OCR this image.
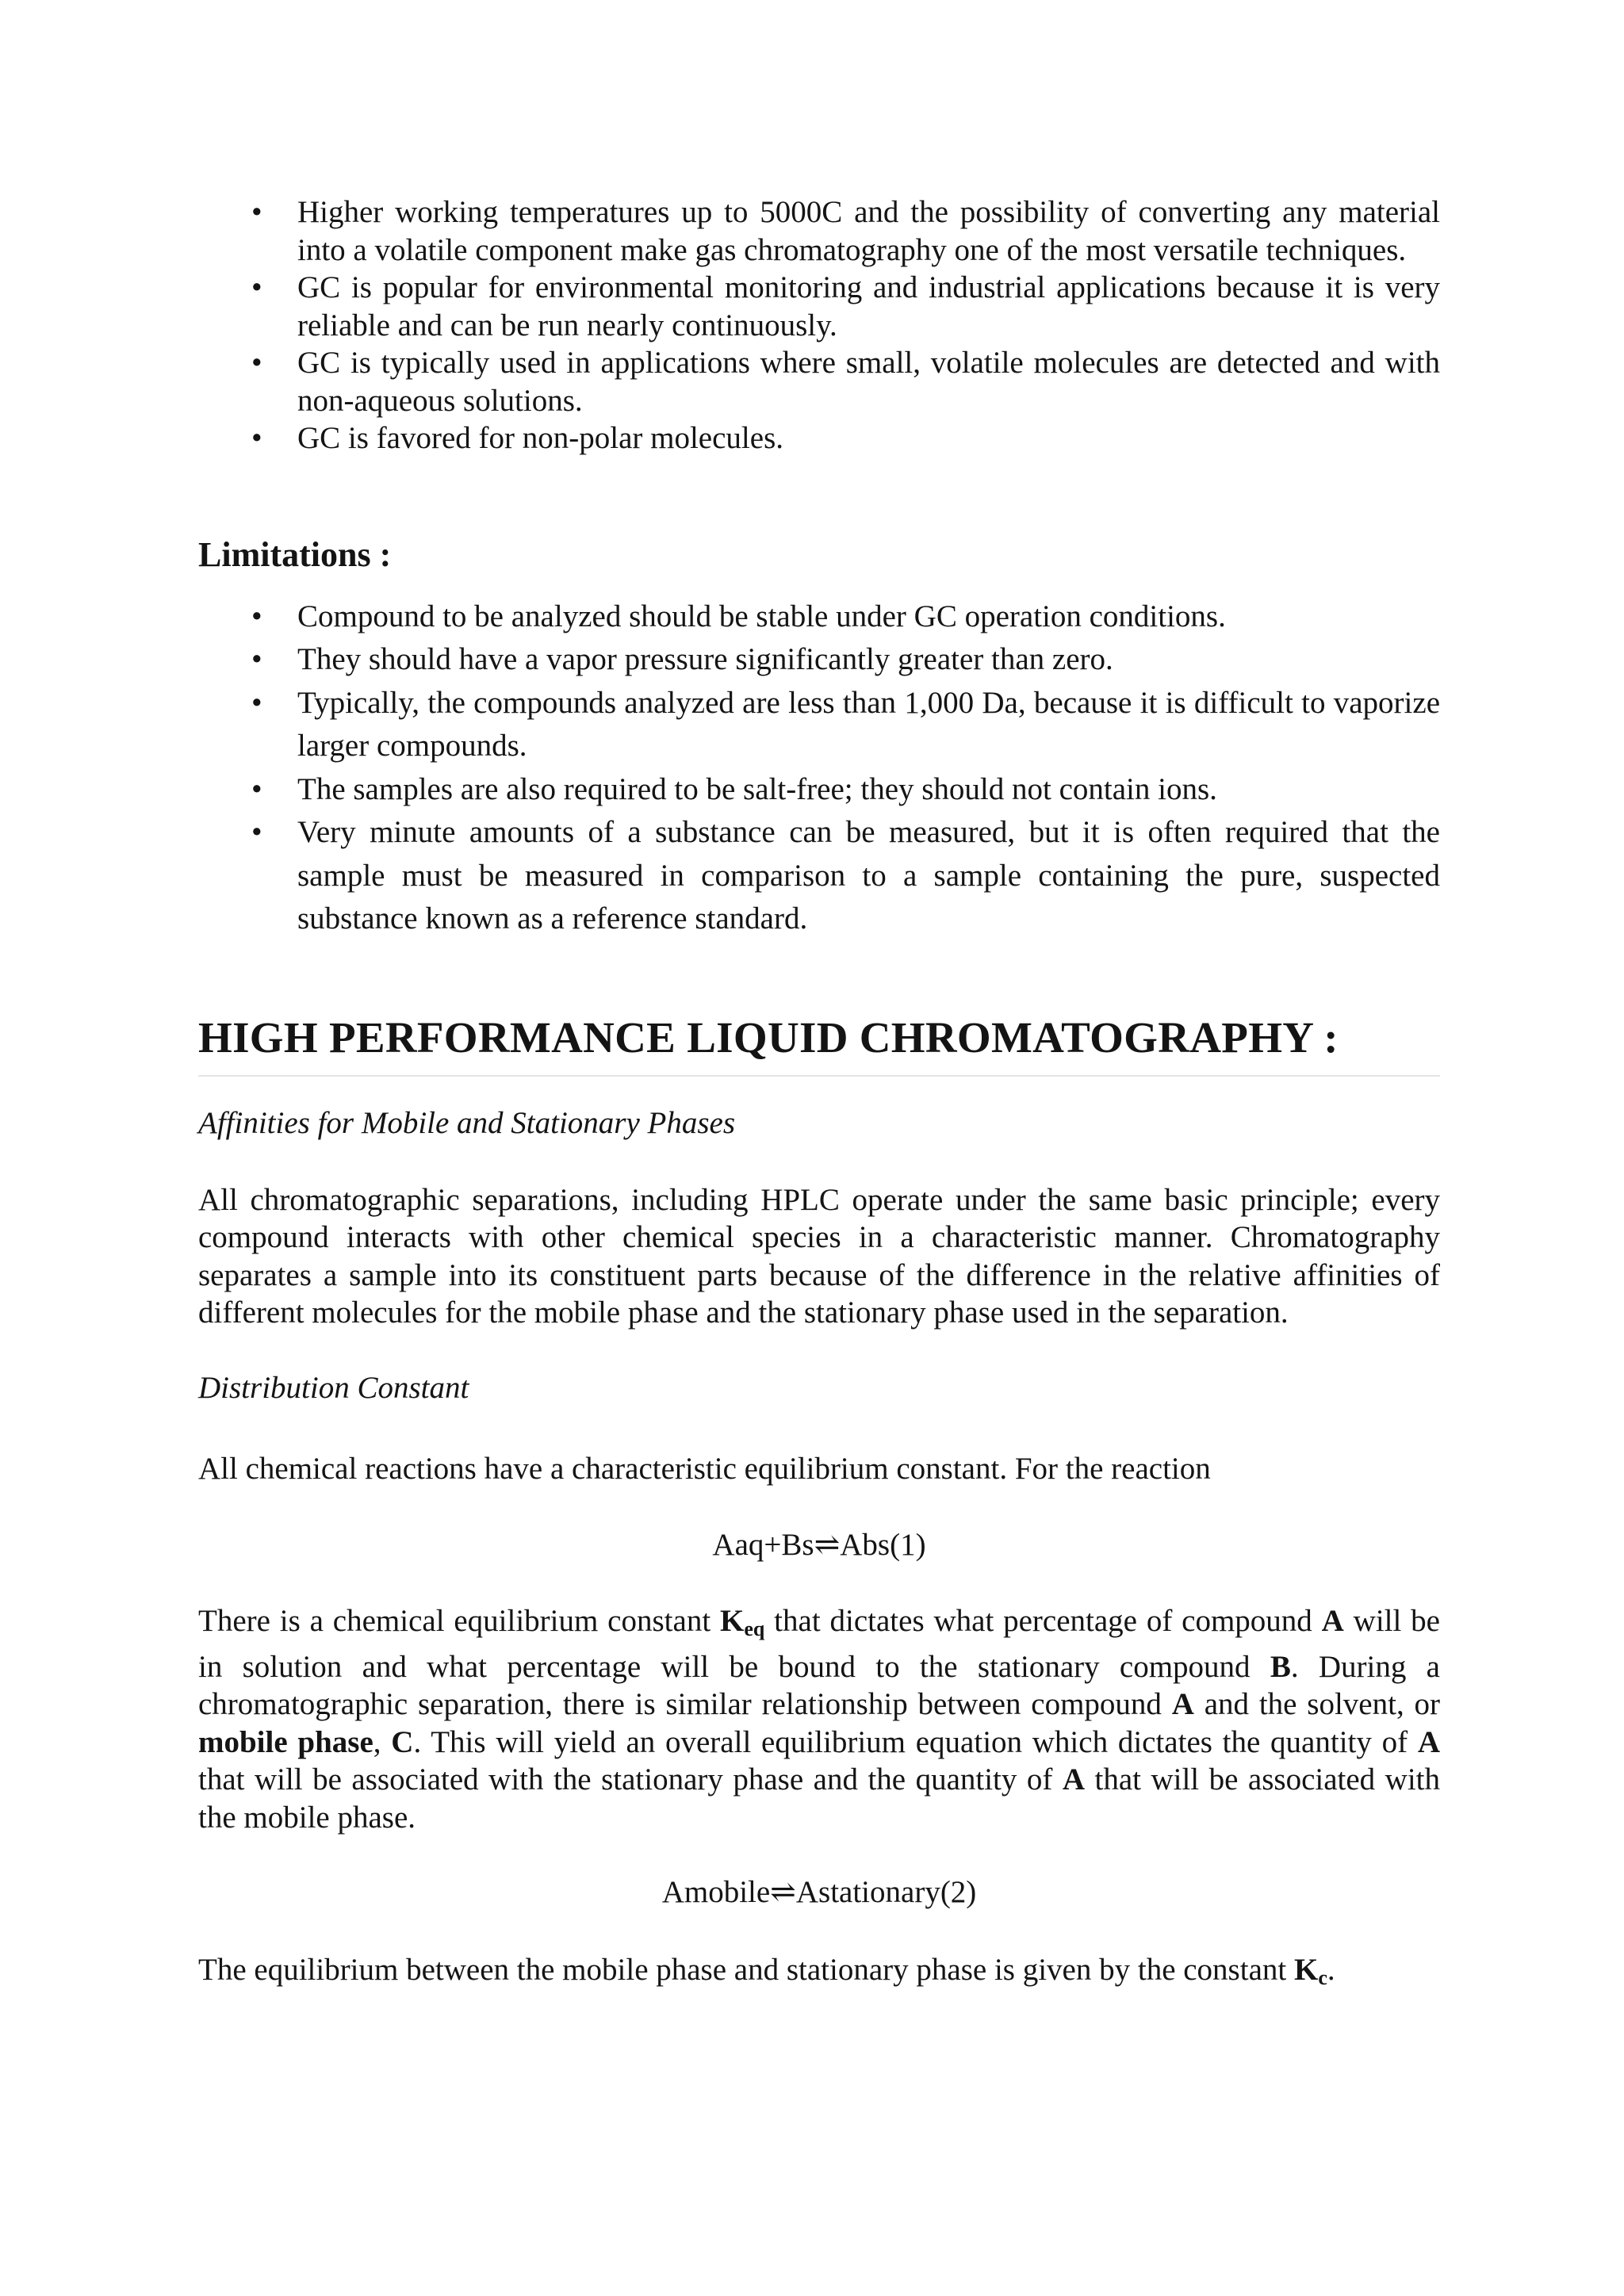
• Higher working temperatures up to 5000C and the possibility of converting any material into a volatile component make gas chromatography one of the most versatile techniques.
• GC is popular for environmental monitoring and industrial applications because it is very reliable and can be run nearly continuously.
• GC is typically used in applications where small, volatile molecules are detected and with non-aqueous solutions.
• GC is favored for non-polar molecules.
Limitations :
• Compound to be analyzed should be stable under GC operation conditions.
• They should have a vapor pressure significantly greater than zero.
• Typically, the compounds analyzed are less than 1,000 Da, because it is difficult to vaporize larger compounds.
• The samples are also required to be salt-free; they should not contain ions.
• Very minute amounts of a substance can be measured, but it is often required that the sample must be measured in comparison to a sample containing the pure, suspected substance known as a reference standard.
HIGH PERFORMANCE LIQUID CHROMATOGRAPHY :

Affinities for Mobile and Stationary Phases

All chromatographic separations, including HPLC operate under the same basic principle; every compound interacts with other chemical species in a characteristic manner. Chromatography separates a sample into its constituent parts because of the difference in the relative affinities of different molecules for the mobile phase and the stationary phase used in the separation.

Distribution Constant

All chemical reactions have a characteristic equilibrium constant. For the reaction

Aaq+Bs⇌Abs(1)

There is a chemical equilibrium constant $K_{eq}$ that dictates what percentage of compound A will be in solution and what percentage will be bound to the stationary compound B. During a chromatographic separation, there is similar relationship between compound A and the solvent, or mobile phase, C. This will yield an overall equilibrium equation which dictates the quantity of A that will be associated with the stationary phase and the quantity of A that will be associated with the mobile phase.

Amobile⇌Astationary(2)

The equilibrium between the mobile phase and stationary phase is given by the constant $K_c$.
